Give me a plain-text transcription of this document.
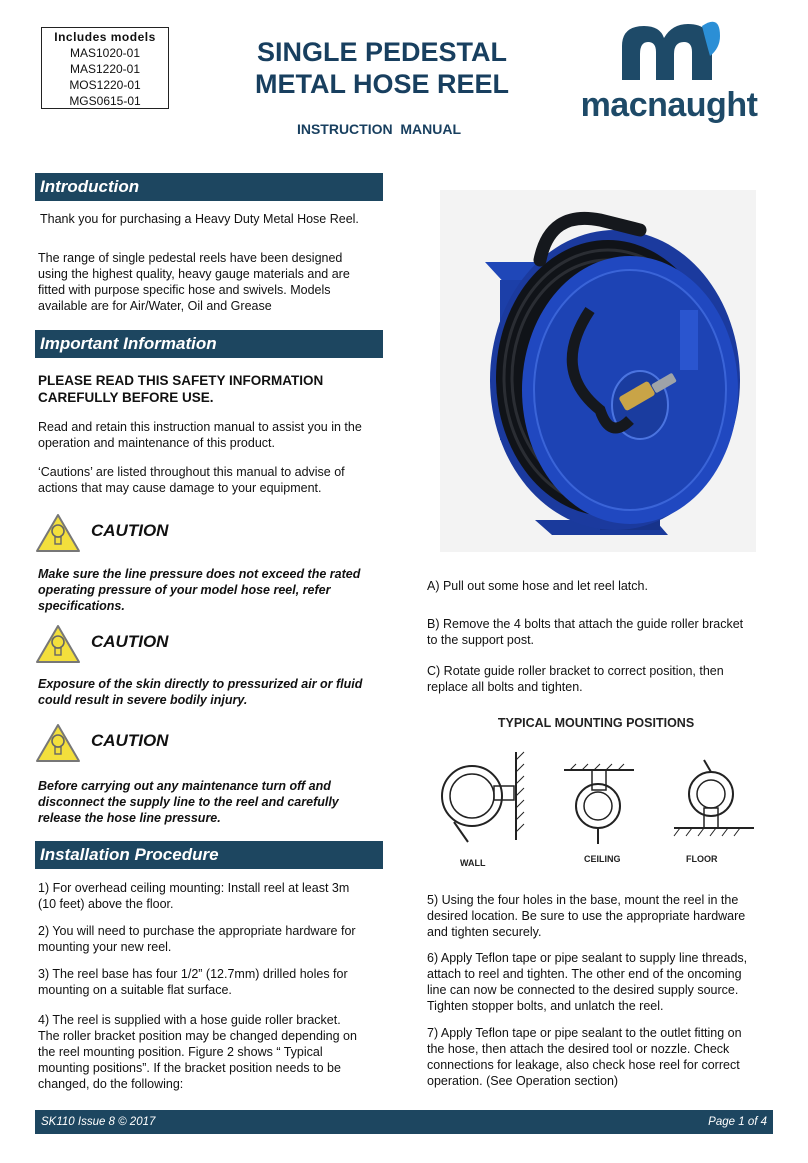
Includes models
MAS1020-01
MAS1220-01
MOS1220-01
MGS0615-01
SINGLE PEDESTAL
METAL HOSE REEL
INSTRUCTION  MANUAL
macnaught
Introduction
Thank you for purchasing a Heavy Duty Metal Hose Reel.
The range of single pedestal reels have been designed
using the highest quality, heavy gauge materials and are
fitted with purpose specific hose and swivels. Models
available are for Air/Water, Oil and Grease
Important Information
PLEASE READ THIS SAFETY INFORMATION
CAREFULLY BEFORE USE.
Read and retain this instruction manual to assist you in the
operation and maintenance of this product.
‘Cautions’ are listed throughout this manual to advise of
actions that may cause damage to your equipment.
CAUTION
Make sure the line pressure does not exceed the rated
operating pressure of your model hose reel, refer
specifications.
CAUTION
Exposure of the skin directly to pressurized air or fluid
could result in severe bodily injury.
CAUTION
Before carrying out any maintenance turn off and
disconnect the supply line to the reel and carefully
release the hose line pressure.
Installation Procedure
1) For overhead ceiling mounting: Install reel at least 3m
(10 feet) above the floor.
2) You will need to purchase the appropriate hardware for
mounting your new reel.
3) The reel base has four 1/2” (12.7mm) drilled holes for
mounting on a suitable flat surface.
4) The reel is supplied with a hose guide roller bracket.
The roller bracket position may be changed depending on
the reel mounting position. Figure 2 shows “ Typical
mounting positions”. If the bracket position needs to be
changed, do the following:
A) Pull out some hose and let reel latch.
B) Remove the 4 bolts that attach the guide roller bracket
to the support post.
C) Rotate guide roller bracket to correct position, then
replace all bolts and tighten.
TYPICAL MOUNTING POSITIONS
WALL	CEILING	FLOOR
5) Using the four holes in the base, mount the reel in the
desired location. Be sure to use the appropriate hardware
and tighten securely.
6) Apply Teflon tape or pipe sealant to supply line threads,
attach to reel and tighten. The other end of the oncoming
line can now be connected to the desired supply source.
Tighten stopper bolts, and unlatch the reel.
7) Apply Teflon tape or pipe sealant to the outlet fitting on
the hose, then attach the desired tool or nozzle. Check
connections for leakage, also check hose reel for correct
operation. (See Operation section)
SK110 Issue 8 © 2017	Page 1 of 4
